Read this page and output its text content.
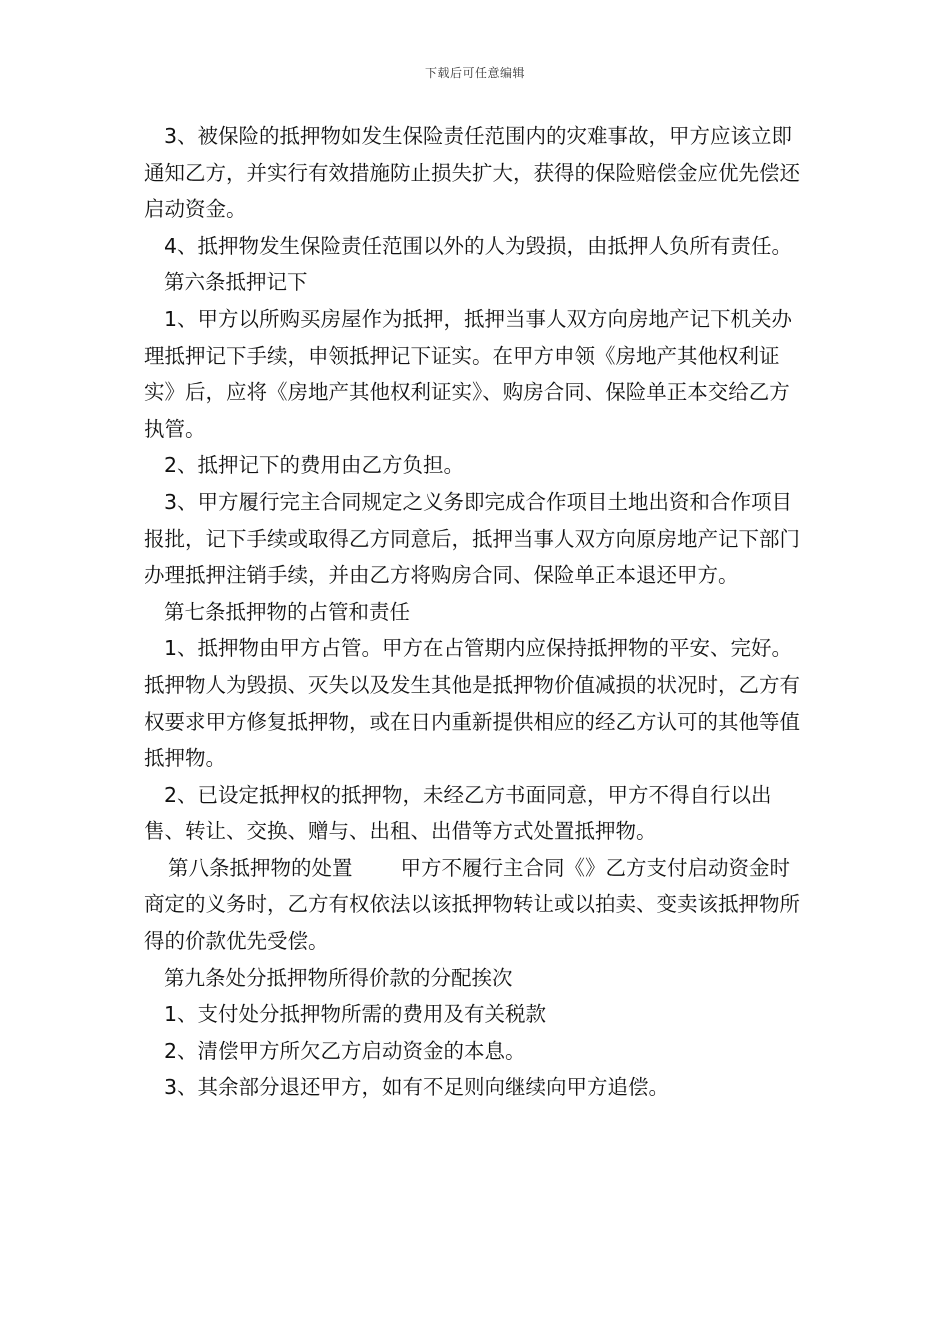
下载后可任意编辑

3、被保险的抵押物如发生保险责任范围内的灾难事故，甲方应该立即通知乙方，并实行有效措施防止损失扩大，获得的保险赔偿金应优先偿还启动资金。

4、抵押物发生保险责任范围以外的人为毁损，由抵押人负所有责任。

第六条抵押记下

1、甲方以所购买房屋作为抵押，抵押当事人双方向房地产记下机关办理抵押记下手续，申领抵押记下证实。在甲方申领《房地产其他权利证实》后，应将《房地产其他权利证实》、购房合同、保险单正本交给乙方执管。

2、抵押记下的费用由乙方负担。

3、甲方履行完主合同规定之义务即完成合作项目土地出资和合作项目报批，记下手续或取得乙方同意后，抵押当事人双方向原房地产记下部门办理抵押注销手续，并由乙方将购房合同、保险单正本退还甲方。

第七条抵押物的占管和责任

1、抵押物由甲方占管。甲方在占管期内应保持抵押物的平安、完好。抵押物人为毁损、灭失以及发生其他是抵押物价值减损的状况时，乙方有权要求甲方修复抵押物，或在日内重新提供相应的经乙方认可的其他等值抵押物。

2、已设定抵押权的抵押物，未经乙方书面同意，甲方不得自行以出售、转让、交换、赠与、出租、出借等方式处置抵押物。

第八条抵押物的处置 甲方不履行主合同《》乙方支付启动资金时商定的义务时，乙方有权依法以该抵押物转让或以拍卖、变卖该抵押物所得的价款优先受偿。

第九条处分抵押物所得价款的分配挨次

1、支付处分抵押物所需的费用及有关税款

2、清偿甲方所欠乙方启动资金的本息。

3、其余部分退还甲方，如有不足则向继续向甲方追偿。
